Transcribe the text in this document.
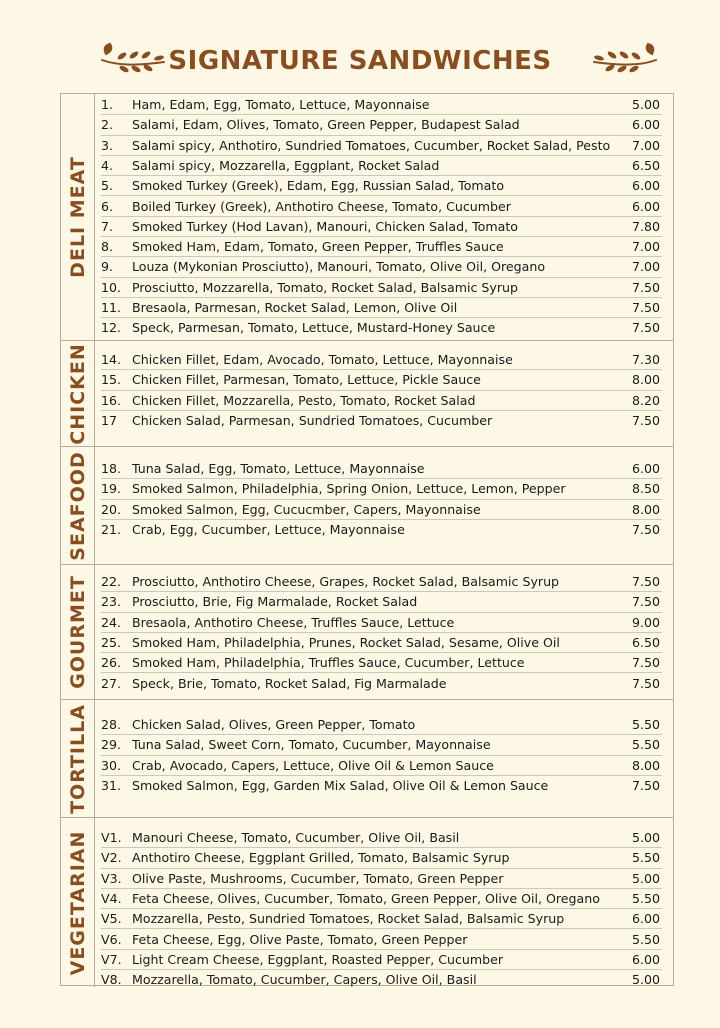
SIGNATURE SANDWICHES
DELI MEAT
1.	Ham, Edam, Egg, Tomato, Lettuce, Mayonnaise	5.00
2.	Salami, Edam, Olives, Tomato, Green Pepper, Budapest Salad	6.00
3.	Salami spicy, Anthotiro, Sundried Tomatoes, Cucumber, Rocket Salad, Pesto 7.00
4.	Salami spicy, Mozzarella, Eggplant, Rocket Salad	6.50
5.	Smoked Turkey (Greek), Edam, Egg, Russian Salad, Tomato	6.00
6.	Boiled Turkey (Greek), Anthotiro Cheese, Tomato, Cucumber	6.00
7.	Smoked Turkey (Hod Lavan), Manouri, Chicken Salad, Tomato	7.80
8.	Smoked Ham, Edam, Tomato, Green Pepper, Truffles Sauce	7.00
9.	Louza (Mykonian Prosciutto), Manouri, Tomato, Olive Oil, Oregano	7.00
10. Prosciutto, Mozzarella, Tomato, Rocket Salad, Balsamic Syrup	7.50
11. Bresaola, Parmesan, Rocket Salad, Lemon, Olive Oil	7.50
12. Speck, Parmesan, Tomato, Lettuce, Mustard-Honey Sauce	7.50
CHICKEN 14. Chicken Fillet, Edam, Avocado, Tomato, Lettuce, Mayonnaise	7.30
15. Chicken Fillet, Parmesan, Tomato, Lettuce, Pickle Sauce	8.00
16. Chicken Fillet, Mozzarella, Pesto, Tomato, Rocket Salad	8.20
17	Chicken Salad, Parmesan, Sundried Tomatoes, Cucumber	7.50
SEAFOOD 18. Tuna Salad, Egg, Tomato, Lettuce, Mayonnaise	6.00
19. Smoked Salmon, Philadelphia, Spring Onion, Lettuce, Lemon, Pepper	8.50
20. Smoked Salmon, Egg, Cucucmber, Capers, Mayonnaise	8.00
21. Crab, Egg, Cucumber, Lettuce, Mayonnaise	7.50
GOURMET 22. Prosciutto, Anthotiro Cheese, Grapes, Rocket Salad, Balsamic Syrup	7.50
23. Prosciutto, Brie, Fig Marmalade, Rocket Salad	7.50
24. Bresaola, Anthotiro Cheese, Truffles Sauce, Lettuce	9.00
25. Smoked Ham, Philadelphia, Prunes, Rocket Salad, Sesame, Olive Oil	6.50
26. Smoked Ham, Philadelphia, Truffles Sauce, Cucumber, Lettuce	7.50
27. Speck, Brie, Tomato, Rocket Salad, Fig Marmalade	7.50
TORTILLA 28. Chicken Salad, Olives, Green Pepper, Tomato	5.50
29. Tuna Salad, Sweet Corn, Tomato, Cucumber, Mayonnaise	5.50
30. Crab, Avocado, Capers, Lettuce, Olive Oil & Lemon Sauce	8.00
31. Smoked Salmon, Egg, Garden Mix Salad, Olive Oil & Lemon Sauce	7.50
VEGETARIAN V1. Manouri Cheese, Tomato, Cucumber, Olive Oil, Basil	5.00
V2. Anthotiro Cheese, Eggplant Grilled, Tomato, Balsamic Syrup	5.50
V3. Olive Paste, Mushrooms, Cucumber, Tomato, Green Pepper	5.00
V4. Feta Cheese, Olives, Cucumber, Tomato, Green Pepper, Olive Oil, Oregano	5.50
V5. Mozzarella, Pesto, Sundried Tomatoes, Rocket Salad, Balsamic Syrup	6.00
V6. Feta Cheese, Egg, Olive Paste, Tomato, Green Pepper	5.50
V7. Light Cream Cheese, Eggplant, Roasted Pepper, Cucumber	6.00
V8. Mozzarella, Tomato, Cucumber, Capers, Olive Oil, Basil	5.00
